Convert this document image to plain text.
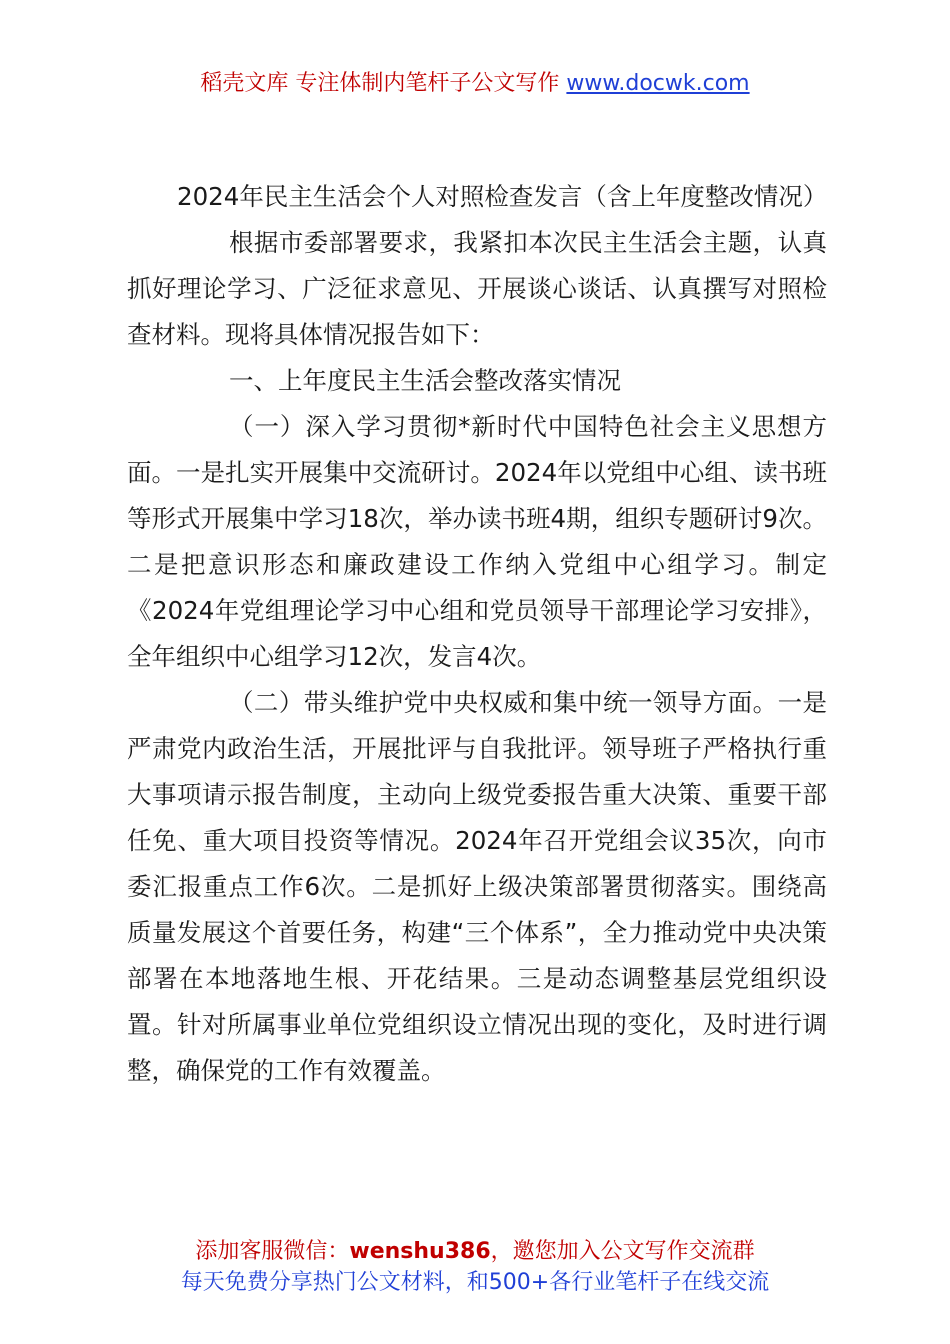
稻壳文库 专注体制内笔杆子公文写作 www.docwk.com

2024年民主生活会个人对照检查发言（含上年度整改情况）

根据市委部署要求，我紧扣本次民主生活会主题，认真抓好理论学习、广泛征求意见、开展谈心谈话、认真撰写对照检查材料。现将具体情况报告如下：

一、上年度民主生活会整改落实情况

（一）深入学习贯彻*新时代中国特色社会主义思想方面。一是扎实开展集中交流研讨。2024年以党组中心组、读书班等形式开展集中学习18次，举办读书班4期，组织专题研讨9次。二是把意识形态和廉政建设工作纳入党组中心组学习。制定《2024年党组理论学习中心组和党员领导干部理论学习安排》，全年组织中心组学习12次，发言4次。

（二）带头维护党中央权威和集中统一领导方面。一是严肃党内政治生活，开展批评与自我批评。领导班子严格执行重大事项请示报告制度，主动向上级党委报告重大决策、重要干部任免、重大项目投资等情况。2024年召开党组会议35次，向市委汇报重点工作6次。二是抓好上级决策部署贯彻落实。围绕高质量发展这个首要任务，构建“三个体系”，全力推动党中央决策部署在本地落地生根、开花结果。三是动态调整基层党组织设置。针对所属事业单位党组织设立情况出现的变化，及时进行调整，确保党的工作有效覆盖。

添加客服微信：wenshu386，邀您加入公文写作交流群
每天免费分享热门公文材料，和500+各行业笔杆子在线交流
